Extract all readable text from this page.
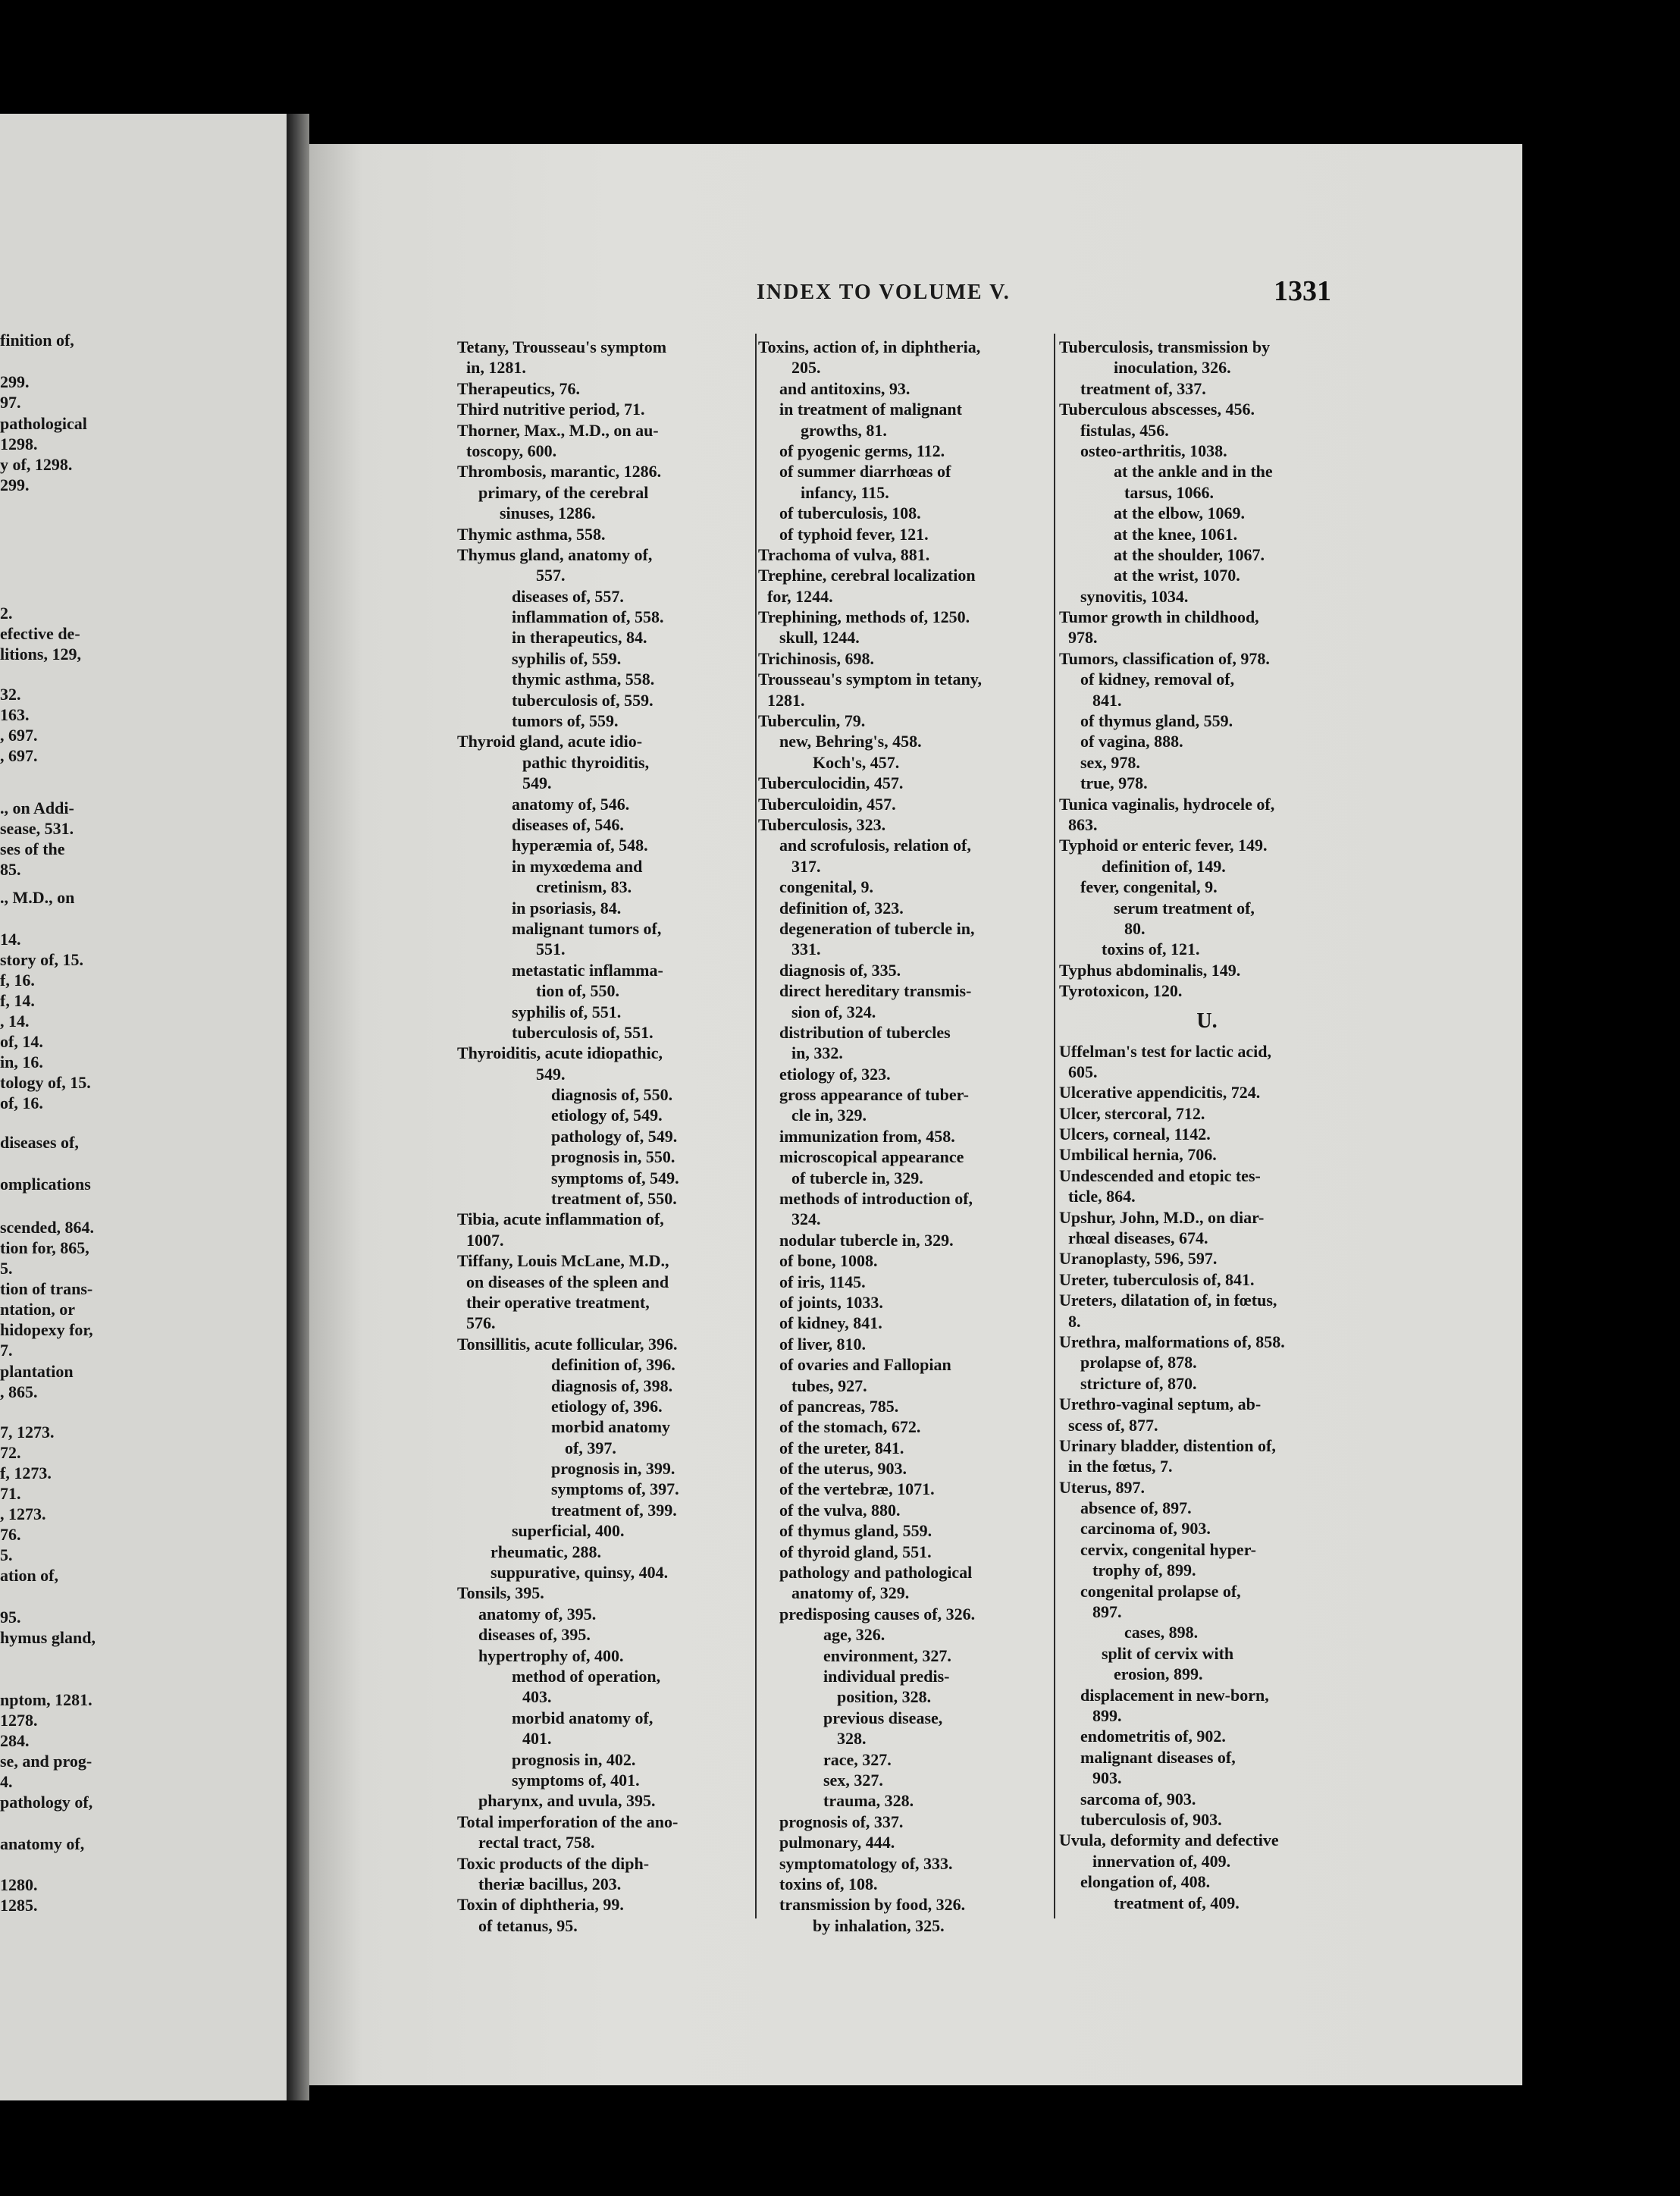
finition of,
299.
97.
pathological
1298.
y of, 1298.
299.
2.
efective de-
litions, 129,
32.
163.
, 697.
, 697.
., on Addi-
sease, 531.
ses of the
85.
., M.D., on
14.
story of, 15.
f, 16.
f, 14.
, 14.
of, 14.
in, 16.
tology of, 15.
of, 16.
diseases of,
omplications
scended, 864.
tion for, 865,
5.
tion of trans-
ntation, or
hidopexy for,
7.
plantation
, 865.
7, 1273.
72.
f, 1273.
71.
, 1273.
76.
5.
ation of,
95.
hymus gland,
nptom, 1281.
1278.
284.
se, and prog-
4.
pathology of,
anatomy of,
1280.
1285.
INDEX TO VOLUME V.	1331
Tetany, Trousseau's symptom
in, 1281.
Therapeutics, 76.
Third nutritive period, 71.
Thorner, Max., M.D., on au-
toscopy, 600.
Thrombosis, marantic, 1286.
primary, of the cerebral
sinuses, 1286.
Thymic asthma, 558.
Thymus gland, anatomy of,
557.
diseases of, 557.
inflammation of, 558.
in therapeutics, 84.
syphilis of, 559.
thymic asthma, 558.
tuberculosis of, 559.
tumors of, 559.
Thyroid gland, acute idio-
pathic thyroiditis,
549.
anatomy of, 546.
diseases of, 546.
hyperæmia of, 548.
in myxœdema and
cretinism, 83.
in psoriasis, 84.
malignant tumors of,
551.
metastatic inflamma-
tion of, 550.
syphilis of, 551.
tuberculosis of, 551.
Thyroiditis, acute idiopathic,
549.
diagnosis of, 550.
etiology of, 549.
pathology of, 549.
prognosis in, 550.
symptoms of, 549.
treatment of, 550.
Tibia, acute inflammation of,
1007.
Tiffany, Louis McLane, M.D.,
on diseases of the spleen and
their operative treatment,
576.
Tonsillitis, acute follicular, 396.
definition of, 396.
diagnosis of, 398.
etiology of, 396.
morbid anatomy
of, 397.
prognosis in, 399.
symptoms of, 397.
treatment of, 399.
superficial, 400.
rheumatic, 288.
suppurative, quinsy, 404.
Tonsils, 395.
anatomy of, 395.
diseases of, 395.
hypertrophy of, 400.
method of operation,
403.
morbid anatomy of,
401.
prognosis in, 402.
symptoms of, 401.
pharynx, and uvula, 395.
Total imperforation of the ano-
rectal tract, 758.
Toxic products of the diph-
theriæ bacillus, 203.
Toxin of diphtheria, 99.
of tetanus, 95.
Toxins, action of, in diphtheria,
205.
and antitoxins, 93.
in treatment of malignant
growths, 81.
of pyogenic germs, 112.
of summer diarrhœas of
infancy, 115.
of tuberculosis, 108.
of typhoid fever, 121.
Trachoma of vulva, 881.
Trephine, cerebral localization
for, 1244.
Trephining, methods of, 1250.
skull, 1244.
Trichinosis, 698.
Trousseau's symptom in tetany,
1281.
Tuberculin, 79.
new, Behring's, 458.
Koch's, 457.
Tuberculocidin, 457.
Tuberculoidin, 457.
Tuberculosis, 323.
and scrofulosis, relation of,
317.
congenital, 9.
definition of, 323.
degeneration of tubercle in,
331.
diagnosis of, 335.
direct hereditary transmis-
sion of, 324.
distribution of tubercles
in, 332.
etiology of, 323.
gross appearance of tuber-
cle in, 329.
immunization from, 458.
microscopical appearance
of tubercle in, 329.
methods of introduction of,
324.
nodular tubercle in, 329.
of bone, 1008.
of iris, 1145.
of joints, 1033.
of kidney, 841.
of liver, 810.
of ovaries and Fallopian
tubes, 927.
of pancreas, 785.
of the stomach, 672.
of the ureter, 841.
of the uterus, 903.
of the vertebræ, 1071.
of the vulva, 880.
of thymus gland, 559.
of thyroid gland, 551.
pathology and pathological
anatomy of, 329.
predisposing causes of, 326.
age, 326.
environment, 327.
individual predis-
position, 328.
previous disease,
328.
race, 327.
sex, 327.
trauma, 328.
prognosis of, 337.
pulmonary, 444.
symptomatology of, 333.
toxins of, 108.
transmission by food, 326.
by inhalation, 325.
Tuberculosis, transmission by
inoculation, 326.
treatment of, 337.
Tuberculous abscesses, 456.
fistulas, 456.
osteo-arthritis, 1038.
at the ankle and in the
tarsus, 1066.
at the elbow, 1069.
at the knee, 1061.
at the shoulder, 1067.
at the wrist, 1070.
synovitis, 1034.
Tumor growth in childhood,
978.
Tumors, classification of, 978.
of kidney, removal of,
841.
of thymus gland, 559.
of vagina, 888.
sex, 978.
true, 978.
Tunica vaginalis, hydrocele of,
863.
Typhoid or enteric fever, 149.
definition of, 149.
fever, congenital, 9.
serum treatment of,
80.
toxins of, 121.
Typhus abdominalis, 149.
Tyrotoxicon, 120.
U.
Uffelman's test for lactic acid,
605.
Ulcerative appendicitis, 724.
Ulcer, stercoral, 712.
Ulcers, corneal, 1142.
Umbilical hernia, 706.
Undescended and etopic tes-
ticle, 864.
Upshur, John, M.D., on diar-
rhœal diseases, 674.
Uranoplasty, 596, 597.
Ureter, tuberculosis of, 841.
Ureters, dilatation of, in fœtus,
8.
Urethra, malformations of, 858.
prolapse of, 878.
stricture of, 870.
Urethro-vaginal septum, ab-
scess of, 877.
Urinary bladder, distention of,
in the fœtus, 7.
Uterus, 897.
absence of, 897.
carcinoma of, 903.
cervix, congenital hyper-
trophy of, 899.
congenital prolapse of,
897.
cases, 898.
split of cervix with
erosion, 899.
displacement in new-born,
899.
endometritis of, 902.
malignant diseases of,
903.
sarcoma of, 903.
tuberculosis of, 903.
Uvula, deformity and defective
innervation of, 409.
elongation of, 408.
treatment of, 409.
